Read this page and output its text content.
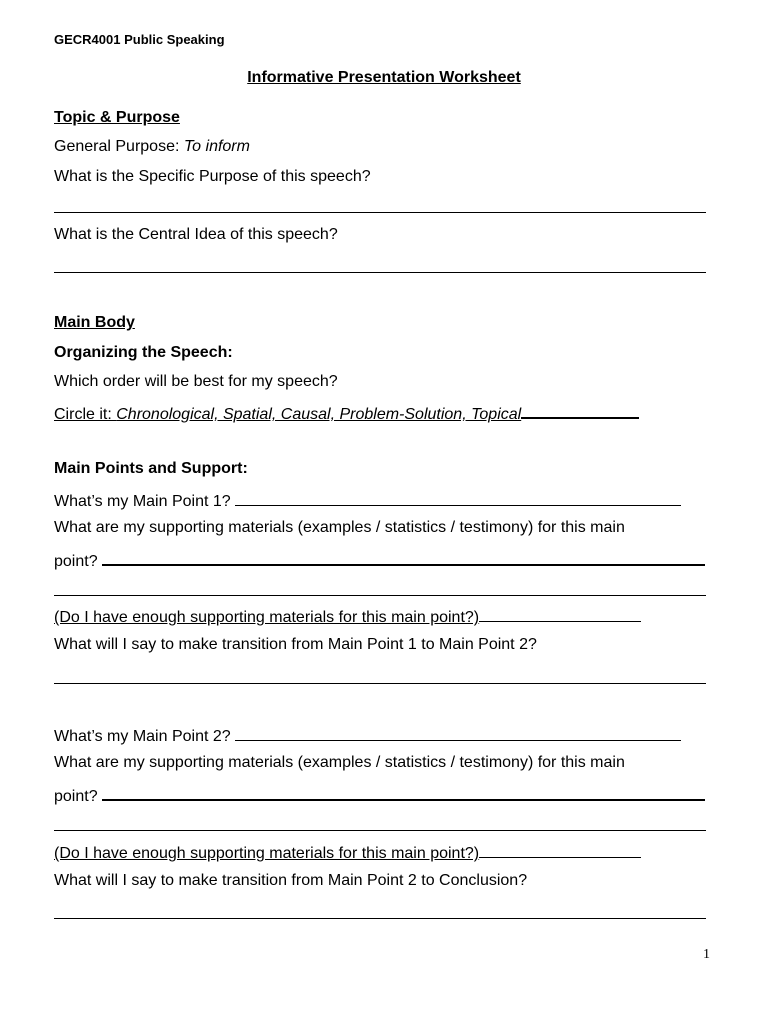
GECR4001 Public Speaking
Informative Presentation Worksheet
Topic & Purpose
General Purpose: To inform
What is the Specific Purpose of this speech?
What is the Central Idea of this speech?
Main Body
Organizing the Speech:
Which order will be best for my speech?
Circle it: Chronological, Spatial, Causal, Problem-Solution, Topical
Main Points and Support:
What’s my Main Point 1?
What are my supporting materials (examples / statistics / testimony) for this main
point?
(Do I have enough supporting materials for this main point?)
What will I say to make transition from Main Point 1 to Main Point 2?
What’s my Main Point 2?
What are my supporting materials (examples / statistics / testimony) for this main
point?
(Do I have enough supporting materials for this main point?)
What will I say to make transition from Main Point 2 to Conclusion?
1
